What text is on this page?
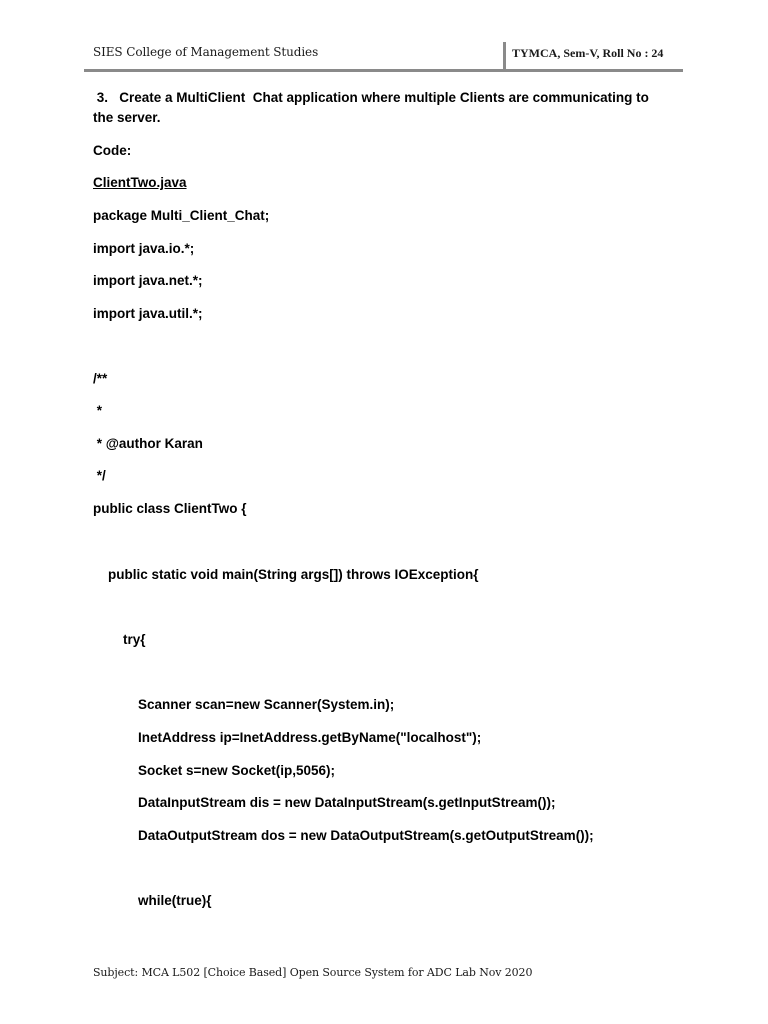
SIES College of Management Studies	TYMCA, Sem-V, Roll No : 24
3.   Create a MultiClient  Chat application where multiple Clients are communicating to
the server.
Code:
ClientTwo.java
package Multi_Client_Chat;
import java.io.*;
import java.net.*;
import java.util.*;
/**
*
* @author Karan
*/
public class ClientTwo {
public static void main(String args[]) throws IOException{
try{
Scanner scan=new Scanner(System.in);
InetAddress ip=InetAddress.getByName("localhost");
Socket s=new Socket(ip,5056);
DataInputStream dis = new DataInputStream(s.getInputStream());
DataOutputStream dos = new DataOutputStream(s.getOutputStream());
while(true){
Subject: MCA L502 [Choice Based] Open Source System for ADC Lab Nov 2020
